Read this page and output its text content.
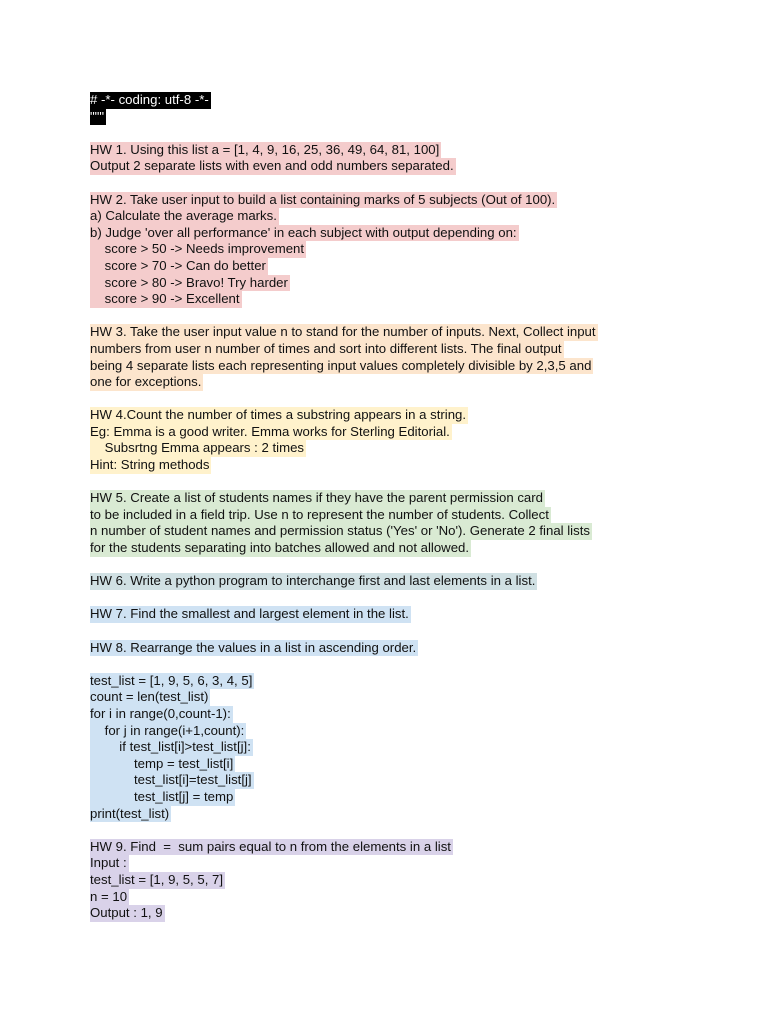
# -*- coding: utf-8 -*-
"""
HW 1. Using this list a = [1, 4, 9, 16, 25, 36, 49, 64, 81, 100]
Output 2 separate lists with even and odd numbers separated.
HW 2. Take user input to build a list containing marks of 5 subjects (Out of 100).
a) Calculate the average marks.
b) Judge 'over all performance' in each subject with output depending on:
score > 50 -> Needs improvement
score > 70 -> Can do better
score > 80 -> Bravo! Try harder
score > 90 -> Excellent
HW 3. Take the user input value n to stand for the number of inputs. Next, Collect input
numbers from user n number of times and sort into different lists. The final output
being 4 separate lists each representing input values completely divisible by 2,3,5 and
one for exceptions.
HW 4.Count the number of times a substring appears in a string.
Eg: Emma is a good writer. Emma works for Sterling Editorial.
Subsrtng Emma appears : 2 times
Hint: String methods
HW 5. Create a list of students names if they have the parent permission card
to be included in a field trip. Use n to represent the number of students. Collect
n number of student names and permission status ('Yes' or 'No'). Generate 2 final lists
for the students separating into batches allowed and not allowed.
HW 6. Write a python program to interchange first and last elements in a list.
HW 7. Find the smallest and largest element in the list.
HW 8. Rearrange the values in a list in ascending order.
test_list = [1, 9, 5, 6, 3, 4, 5]
count = len(test_list)
for i in range(0,count-1):
for j in range(i+1,count):
if test_list[i]>test_list[j]:
temp = test_list[i]
test_list[i]=test_list[j]
test_list[j] = temp
print(test_list)
HW 9. Find  =  sum pairs equal to n from the elements in a list
Input :
test_list = [1, 9, 5, 5, 7]
n = 10
Output : 1, 9
